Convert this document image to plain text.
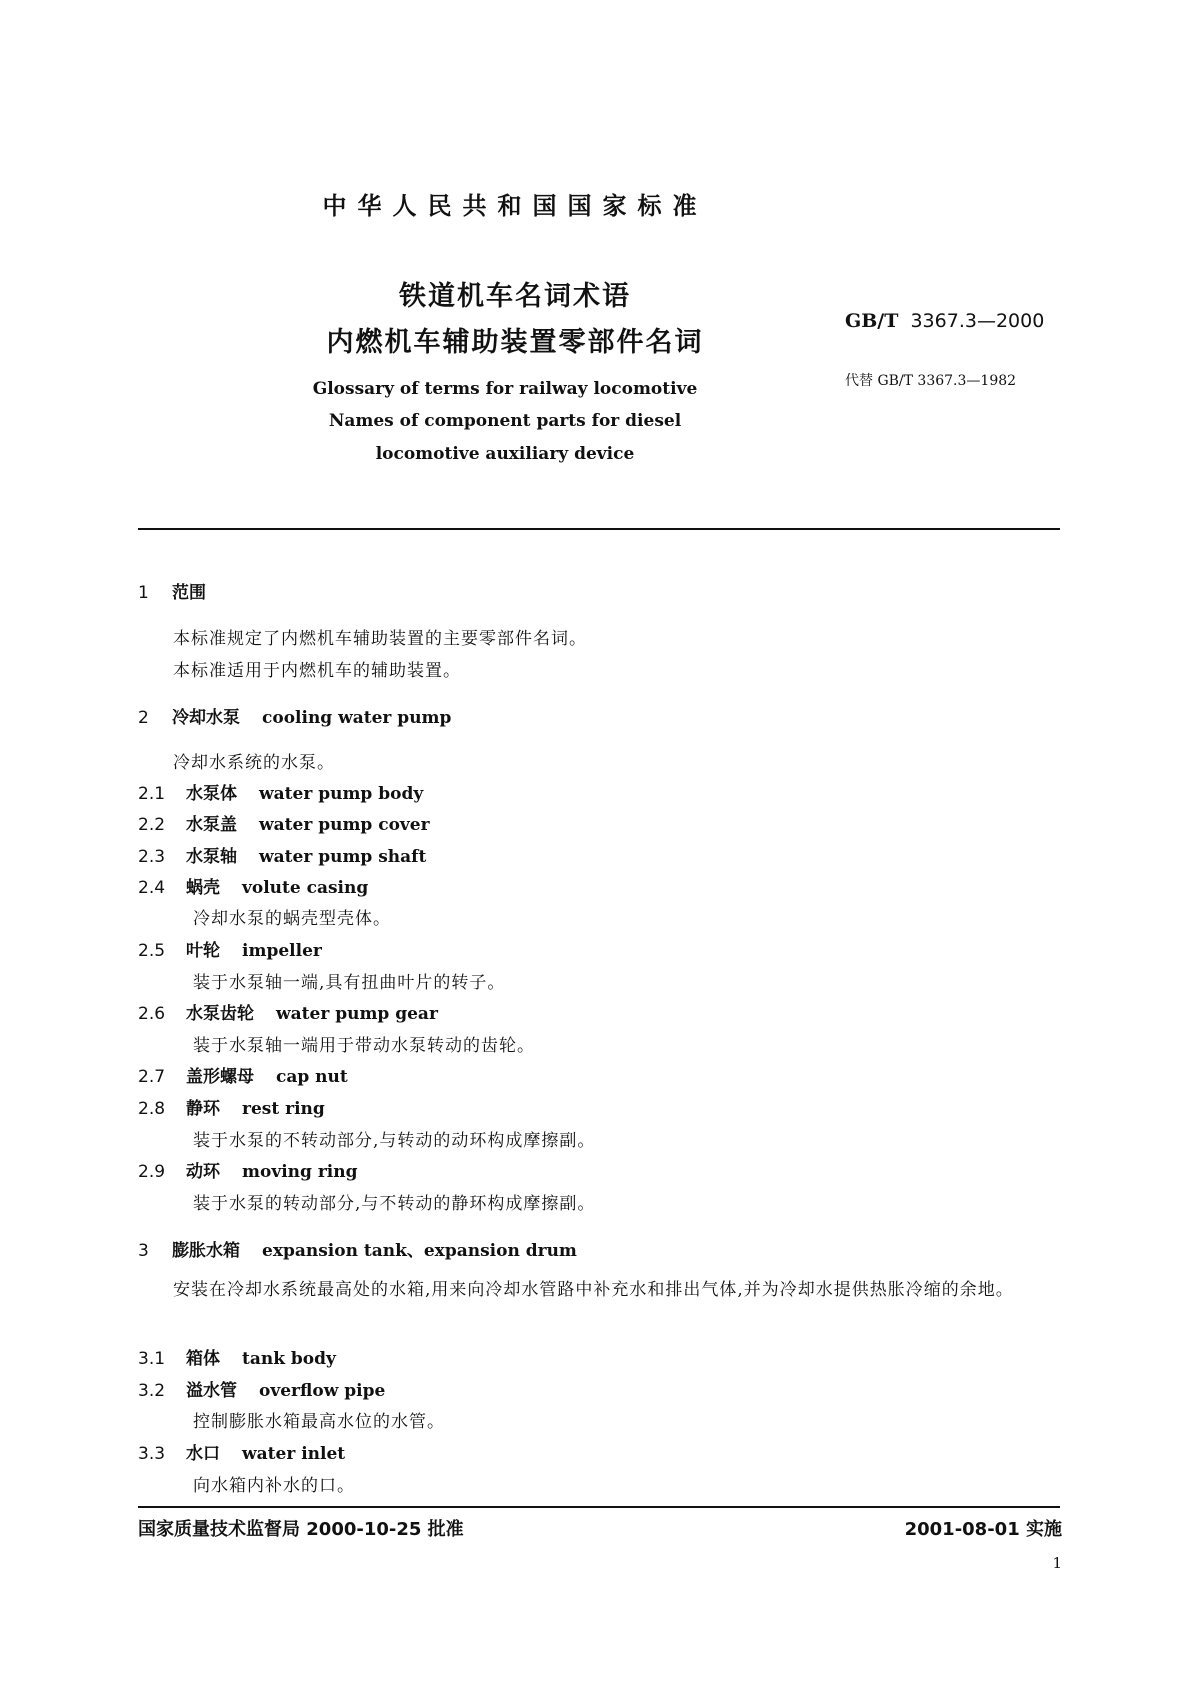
中华人民共和国国家标准
铁道机车名词术语
内燃机车辅助装置零部件名词
GB/T 3367.3—2000
代替 GB/T 3367.3—1982
Glossary of terms for railway locomotive
Names of component parts for diesel
locomotive auxiliary device
1 范围
本标准规定了内燃机车辅助装置的主要零部件名词。
本标准适用于内燃机车的辅助装置。
2 冷却水泵 cooling water pump
冷却水系统的水泵。
2.1 水泵体 water pump body
2.2 水泵盖 water pump cover
2.3 水泵轴 water pump shaft
2.4 蜗壳 volute casing
冷却水泵的蜗壳型壳体。
2.5 叶轮 impeller
装于水泵轴一端,具有扭曲叶片的转子。
2.6 水泵齿轮 water pump gear
装于水泵轴一端用于带动水泵转动的齿轮。
2.7 盖形螺母 cap nut
2.8 静环 rest ring
装于水泵的不转动部分,与转动的动环构成摩擦副。
2.9 动环 moving ring
装于水泵的转动部分,与不转动的静环构成摩擦副。
3 膨胀水箱 expansion tank、expansion drum
安装在冷却水系统最高处的水箱,用来向冷却水管路中补充水和排出气体,并为冷却水提供热胀冷缩的余地。
3.1 箱体 tank body
3.2 溢水管 overflow pipe
控制膨胀水箱最高水位的水管。
3.3 水口 water inlet
向水箱内补水的口。
国家质量技术监督局 2000-10-25 批准	2001-08-01 实施
1
